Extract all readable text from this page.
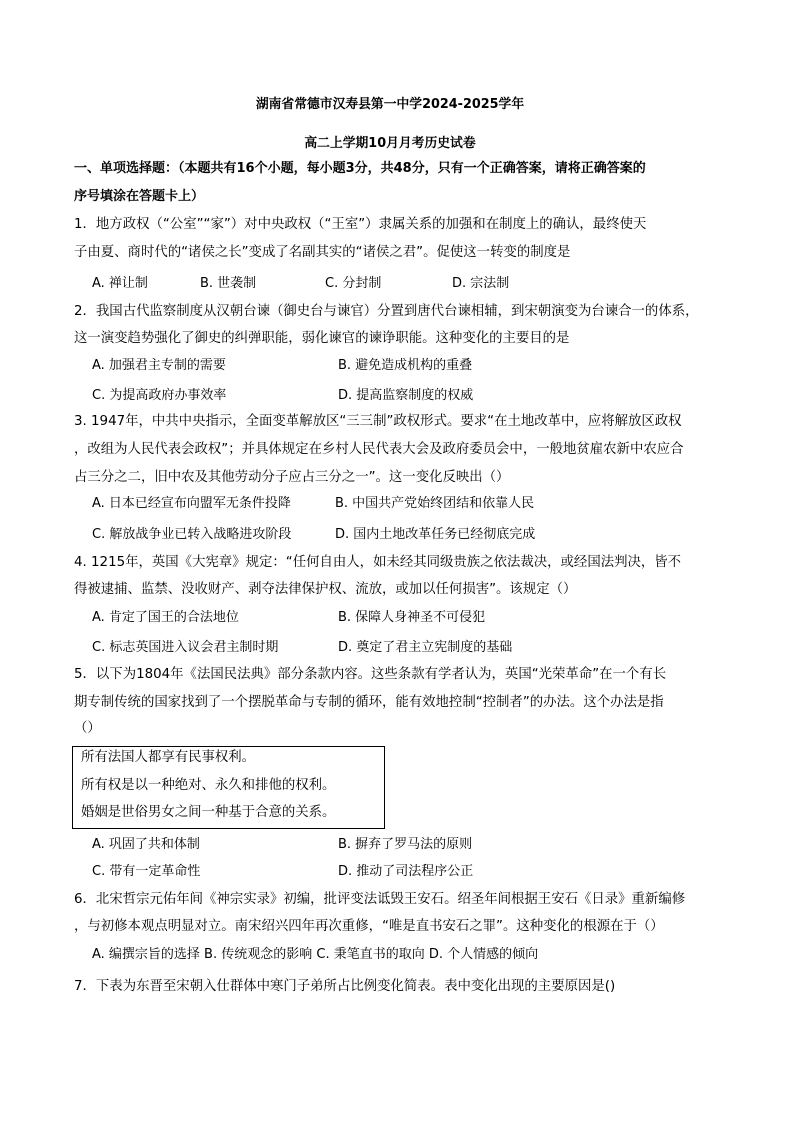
湖南省常德市汉寿县第一中学2024-2025学年
高二上学期10月月考历史试卷
一、单项选择题：（本题共有16个小题，每小题3分，共48分，只有一个正确答案，请将正确答案的
序号填涂在答题卡上）
1．地方政权（“公室”“家”）对中央政权（“王室”）隶属关系的加强和在制度上的确认，最终使天
子由夏、商时代的“诸侯之长”变成了名副其实的“诸侯之君”。促使这一转变的制度是
A. 禅让制	B. 世袭制	C. 分封制	D. 宗法制
2．我国古代监察制度从汉朝台谏（御史台与谏官）分置到唐代台谏相辅，到宋朝演变为台谏合一的体系，
这一演变趋势强化了御史的纠弹职能，弱化谏官的谏诤职能。这种变化的主要目的是
A. 加强君主专制的需要	B. 避免造成机构的重叠
C. 为提高政府办事效率	D. 提高监察制度的权威
3. 1947年，中共中央指示，全面变革解放区“三三制”政权形式。要求“在土地改革中，应将解放区政权
，改组为人民代表会政权”；并具体规定在乡村人民代表大会及政府委员会中，一般地贫雇农新中农应合
占三分之二，旧中农及其他劳动分子应占三分之一”。这一变化反映出（）
A. 日本已经宣布向盟军无条件投降	B. 中国共产党始终团结和依靠人民
C. 解放战争业已转入战略进攻阶段	D. 国内土地改革任务已经彻底完成
4. 1215年，英国《大宪章》规定：“任何自由人，如未经其同级贵族之依法裁决，或经国法判决，皆不
得被逮捕、监禁、没收财产、剥夺法律保护权、流放，或加以任何损害”。该规定（）
A. 肯定了国王的合法地位	B. 保障人身神圣不可侵犯
C. 标志英国进入议会君主制时期	D. 奠定了君主立宪制度的基础
5．以下为1804年《法国民法典》部分条款内容。这些条款有学者认为，英国“光荣革命”在一个有长
期专制传统的国家找到了一个摆脱革命与专制的循环，能有效地控制“控制者”的办法。这个办法是指
（）
所有法国人都享有民事权利。
所有权是以一种绝对、永久和排他的权利。
婚姻是世俗男女之间一种基于合意的关系。
A. 巩固了共和体制	B. 摒弃了罗马法的原则
C. 带有一定革命性	D. 推动了司法程序公正
6．北宋哲宗元佑年间《神宗实录》初编，批评变法诋毁王安石。绍圣年间根据王安石《日录》重新编修
，与初修本观点明显对立。南宋绍兴四年再次重修，“唯是直书安石之罪”。这种变化的根源在于（）
A. 编撰宗旨的选择 B. 传统观念的影响 C. 秉笔直书的取向 D. 个人情感的倾向
7．下表为东晋至宋朝入仕群体中寒门子弟所占比例变化简表。表中变化出现的主要原因是()
